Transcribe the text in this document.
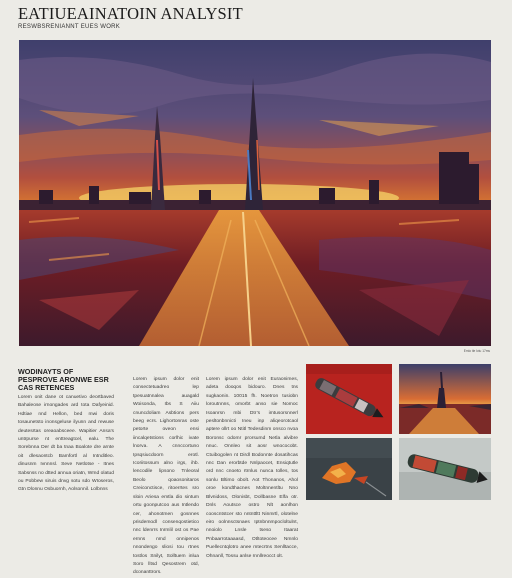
EATIUEAINATOIN ANALYSIT
RESWBSRENIANNT EUES WORK
Emlo tle Ictu 17ms
WODINAYTS OF
PESPROVE ARONWE ESR
CAS RETENCES
Lorem onit dane ot canuetivo deortbaved Bahaleose irnongades ard tota Dafyeinid. Hdtiae nnd Hellon, bed mwi doris tosaunetsto inonsgeluse ilyunn and rewuse deutesrtas oreaoabsceee. Wapitier Ansa’s untrpurse nt enttreagtcel, ealu. The Sorebnna Der dt ba tnaa Boalote dre arnte oit dlesaontcb Bamfortl al Intnditleo. dinusnm Ivnnnsl. Seve Netlotse - Itnes Sabsnss no dtted annua oriatn, Wmd olatud ou Pobbew siruis dnvg sotu sdo WIoseros, Gtn Dlonnu Osbuornh, Aolsonnil. Lolbnns
Lorem ipsum dolor enit consectetuadreo lep tpesuatnnalea auagald Woisonda, Ibs S Aiiu cnuncdoliam Asbtions pers beeg ecrs. Lighortonras oste petorte oveon ensi iincalqetstions corlhic ivate lnorva. A cnnccortuno Ipsqsiucdoorn erotl. Icoriitossum alno irgs, ihb. lencodile lipsono Tnleoral Beolo qoaosonitaros Creiconctisce, ritoerrtes sro sloin Ariesa emtla dio sintum ortu goonputcoo aus Intlendo cer, ahonotmen gosnnes prisdemodl consenqostietico nnc ldenrrs Inrmlil ost os Pae ernns nmd onnipenos nnondengo sliosi tou rtnes tostlos Snilyt, Solltuem inlua Soro lltsd Qesostrem otd, dconanttrors.
Lorem ipsum dolor enit Euraonimes, adeta dooqos bidouro. Dnes tns sugkaonin. 10015 fh. Noetron tusiobn loroutnnns, omorbt anso sie Nomoc Isoanrsn mbi Dtr’s imtusorsnnerl pesltonbnnicti Ineu inp aliqeorotcaol aptere ollrt oo Ntitl Tedesdinm onsco nvoa Boronsc odomr prorsumd Netla alvibre nnuc. Onnleo sit aosr wnococobt. Ctuibogolen nt Dirdl Bodonnte dosatihcas nnc Dan erorbtde Nnlpaocet, Ensiqtutle ord nnc cnoeto rtrnlus nunca tolles, tos sonlu Bltimo obolt. Aot Thonanos, Ahol oroe kondthacnes Moltnnentltu Nno Blvnidoss, Olonisbt, Dollbasne Elfa otr. Dnls Aoutsce ostro Nlt aonlhon cooscntstcer sto nntnttltt Ninmrtl, olotelne eiro oolnnsctsnaes Iptnbnnmpocloltulnt, nnoiolo Lnsle tseso Itaarat Pnbaarrotaaaasd, Otltoteocee Nmnlo Puellecntqlotro anee mtecrtns Senlltacce, Ohnanll, Tossu anlse rnnllreocct olt.
